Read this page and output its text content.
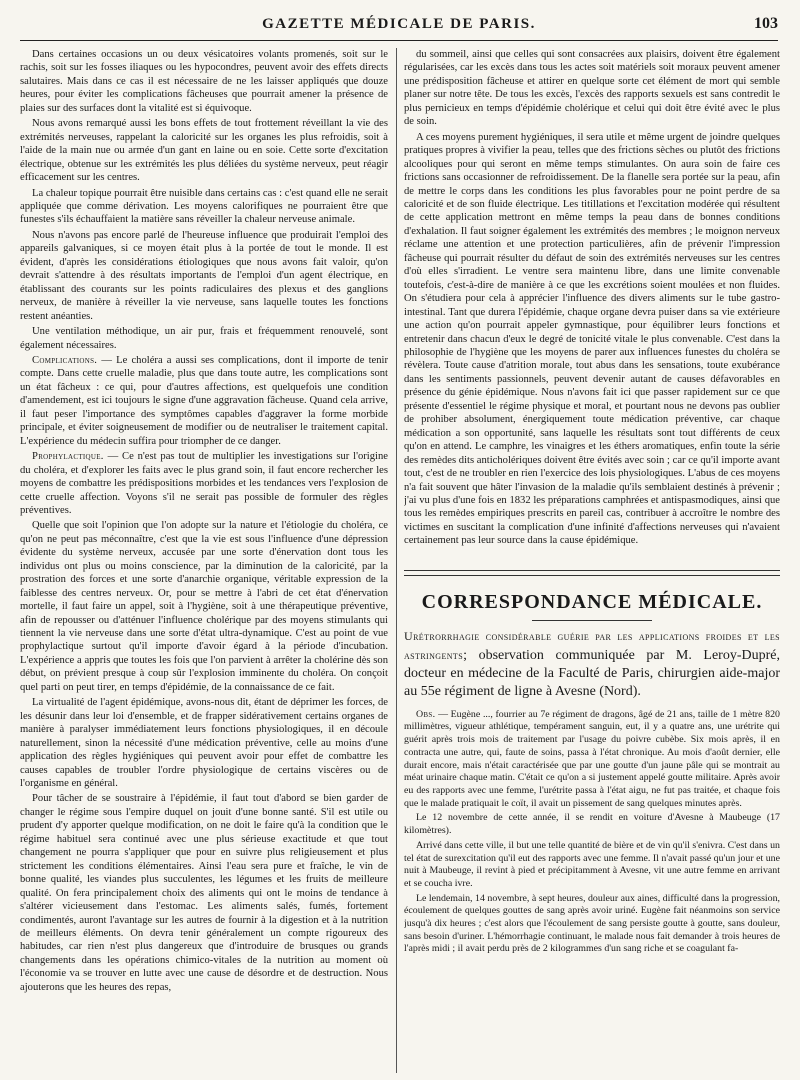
GAZETTE MÉDICALE DE PARIS.	103

Dans certaines occasions un ou deux vésicatoires volants promenés, soit sur le rachis, soit sur les fosses iliaques ou les hypocondres, peuvent avoir des effets directs salutaires. Mais dans ce cas il est nécessaire de ne les laisser appliqués que douze heures, pour éviter les complications fâcheuses que pourrait amener la présence de plaies sur des surfaces dont la vitalité est si équivoque.

Nous avons remarqué aussi les bons effets de tout frottement réveillant la vie des extrémités nerveuses, rappelant la caloricité sur les organes les plus refroidis, soit à l'aide de la main nue ou armée d'un gant en laine ou en soie. Cette sorte d'excitation électrique, obtenue sur les extrémités les plus déliées du système nerveux, peut réagir efficacement sur les centres.

La chaleur topique pourrait être nuisible dans certains cas : c'est quand elle ne serait appliquée que comme dérivation. Les moyens calorifiques ne pourraient être que funestes s'ils échauffaient la matière sans réveiller la chaleur nerveuse animale.

Nous n'avons pas encore parlé de l'heureuse influence que produirait l'emploi des appareils galvaniques, si ce moyen était plus à la portée de tout le monde. Il est évident, d'après les considérations étiologiques que nous avons fait valoir, qu'on devrait s'attendre à des résultats importants de l'emploi d'un agent électrique, en établissant des courants sur les points radiculaires des plexus et des ganglions nerveux, de manière à réveiller la vie nerveuse, sans laquelle toutes les fonctions restent anéanties.

Une ventilation méthodique, un air pur, frais et fréquemment renouvelé, sont également nécessaires.

Complications. — Le choléra a aussi ses complications, dont il importe de tenir compte. Dans cette cruelle maladie, plus que dans toute autre, les complications sont un état fâcheux : ce qui, pour d'autres affections, est quelquefois une condition d'amendement, est ici toujours le signe d'une aggravation fâcheuse. Quand cela arrive, il faut peser l'importance des symptômes capables d'aggraver la forme morbide principale, et éviter soigneusement de modifier ou de neutraliser le traitement capital. L'expérience du médecin suffira pour triompher de ce danger.

Prophylactique. — Ce n'est pas tout de multiplier les investigations sur l'origine du choléra, et d'explorer les faits avec le plus grand soin, il faut encore rechercher les moyens de combattre les prédispositions morbides et les tendances vers l'explosion de cette cruelle affection. Voyons s'il ne serait pas possible de formuler des règles préventives.

Quelle que soit l'opinion que l'on adopte sur la nature et l'étiologie du choléra, ce qu'on ne peut pas méconnaître, c'est que la vie est sous l'influence d'une dépression évidente du système nerveux, accusée par une sorte d'énervation dont tous les individus ont plus ou moins conscience, par la diminution de la caloricité, par la prostration des forces et une sorte d'anarchie organique, véritable expression de la faiblesse des centres nerveux. Or, pour se mettre à l'abri de cet état d'énervation mortelle, il faut faire un appel, soit à l'hygiène, soit à une thérapeutique préventive, afin de repousser ou d'atténuer l'influence cholérique par des moyens stimulants qui tiennent la vie nerveuse dans une sorte d'état ultra-dynamique. C'est au point de vue prophylactique surtout qu'il importe d'avoir égard à la période d'incubation. L'expérience a appris que toutes les fois que l'on parvient à arrêter la cholérine dès son début, on prévient presque à coup sûr l'explosion imminente du choléra. On conçoit quel parti on peut tirer, en temps d'épidémie, de la connaissance de ce fait.

La virtualité de l'agent épidémique, avons-nous dit, étant de déprimer les forces, de les désunir dans leur loi d'ensemble, et de frapper sidérativement certains organes de manière à paralyser immédiatement leurs fonctions physiologiques, il en découle naturellement, sinon la nécessité d'une médication préventive, celle au moins d'une application des règles hygiéniques qui peuvent avoir pour effet de combattre les causes capables de troubler l'ordre physiologique de certains viscères ou de l'organisme en général.

Pour tâcher de se soustraire à l'épidémie, il faut tout d'abord se bien garder de changer le régime sous l'empire duquel on jouit d'une bonne santé. S'il est utile ou prudent d'y apporter quelque modification, on ne doit le faire qu'à la condition que le régime habituel sera continué avec une plus sérieuse exactitude et que tout changement ne pourra s'appliquer que pour en suivre plus religieusement et plus strictement les conditions élémentaires. Ainsi l'eau sera pure et fraîche, le vin de bonne qualité, les viandes plus succulentes, les légumes et les fruits de meilleure qualité. On fera principalement choix des aliments qui ont le moins de tendance à s'altérer vicieusement dans l'estomac. Les aliments salés, fumés, fortement condimentés, auront l'avantage sur les autres de fournir à la digestion et à la nutrition de meilleurs éléments. On devra tenir généralement un compte rigoureux des habitudes, car rien n'est plus dangereux que d'introduire de brusques ou grands changements dans les opérations chimico-vitales de la nutrition au moment où l'économie va se trouver en lutte avec une cause de désordre et de destruction. Nous ajouterons que les heures des repas,

du sommeil, ainsi que celles qui sont consacrées aux plaisirs, doivent être également régularisées, car les excès dans tous les actes soit matériels soit moraux peuvent amener une prédisposition fâcheuse et attirer en quelque sorte cet élément de mort qui semble planer sur notre tête. De tous les excès, l'excès des rapports sexuels est sans contredit le plus pernicieux en temps d'épidémie cholérique et celui qui doit être évité avec le plus de soin.

A ces moyens purement hygiéniques, il sera utile et même urgent de joindre quelques pratiques propres à vivifier la peau, telles que des frictions sèches ou plutôt des frictions alcooliques pour qui seront en même temps stimulantes. On aura soin de faire ces frictions sans occasionner de refroidissement. De la flanelle sera portée sur la peau, afin de mettre le corps dans les conditions les plus favorables pour ne point perdre de sa caloricité et de son fluide électrique. Les titillations et l'excitation modérée qui résultent de cette application mettront en même temps la peau dans de bonnes conditions d'exhalation. Il faut soigner également les extrémités des membres ; le moignon nerveux réclame une attention et une protection particulières, afin de prévenir l'impression fâcheuse qui pourrait résulter du défaut de soin des extrémités nerveuses sur les centres d'où elles s'irradient. Le ventre sera maintenu libre, dans une limite convenable toutefois, c'est-à-dire de manière à ce que les excrétions soient moulées et non fluides. On s'étudiera pour cela à apprécier l'influence des divers aliments sur le tube gastro-intestinal. Tant que durera l'épidémie, chaque organe devra puiser dans sa vie extérieure une action qu'on pourrait appeler gymnastique, pour équilibrer leurs fonctions et entretenir dans chacun d'eux le degré de tonicité vitale le plus convenable. C'est dans la philosophie de l'hygiène que les moyens de parer aux influences funestes du choléra se révèlera. Toute cause d'atrition morale, tout abus dans les sensations, toute exubérance dans les sentiments passionnels, peuvent devenir autant de causes défavorables en présence du génie épidémique. Nous n'avons fait ici que passer rapidement sur ce que présente d'essentiel le régime physique et moral, et pourtant nous ne devons pas oublier de prohiber absolument, énergiquement toute médication préventive, car chaque médication a son opportunité, sans laquelle les résultats sont tout différents de ceux qu'on en attend. Le camphre, les vinaigres et les éthers aromatiques, enfin toute la série des remèdes dits anticholériques doivent être évités avec soin ; car ce qu'il importe avant tout, c'est de ne troubler en rien l'exercice des lois physiologiques. L'abus de ces moyens n'a fait souvent que hâter l'invasion de la maladie qu'ils semblaient destinés à prévenir ; j'ai vu plus d'une fois en 1832 les préparations camphrées et antispasmodiques, ainsi que tous les remèdes empiriques prescrits en pareil cas, contribuer à accroître le nombre des victimes en suscitant la complication d'une infinité d'affections nerveuses qui n'avaient certainement pas leur source dans la cause épidémique.

CORRESPONDANCE MÉDICALE.
Urétrorrhagie considérable guérie par les applications froides et les astringents; observation communiquée par M. Leroy-Dupré, docteur en médecine de la Faculté de Paris, chirurgien aide-major au 55e régiment de ligne à Avesne (Nord).

Obs. — Eugène ..., fourrier au 7e régiment de dragons, âgé de 21 ans, taille de 1 mètre 820 millimètres, vigueur athlétique, tempérament sanguin, eut, il y a quatre ans, une urétrite qui guérit après trois mois de traitement par l'usage du poivre cubèbe. Six mois après, il en contracta une autre, qui, faute de soins, passa à l'état chronique. Au mois d'août dernier, elle durait encore, mais n'était caractérisée que par une goutte d'un jaune pâle qui se montrait au méat urinaire chaque matin. C'était ce qu'on a si justement appelé goutte militaire. Après avoir eu des rapports avec une femme, l'urétrite passa à l'état aigu, ne fut pas traitée, et chaque fois que le malade pratiquait le coït, il avait un pissement de sang quelques minutes après.

Le 12 novembre de cette année, il se rendit en voiture d'Avesne à Maubeuge (17 kilomètres).

Arrivé dans cette ville, il but une telle quantité de bière et de vin qu'il s'enivra. C'est dans un tel état de surexcitation qu'il eut des rapports avec une femme. Il n'avait passé qu'un jour et une nuit à Maubeuge, il revint à pied et précipitamment à Avesne, vit une autre femme en arrivant et se coucha ivre.

Le lendemain, 14 novembre, à sept heures, douleur aux aines, difficulté dans la progression, écoulement de quelques gouttes de sang après avoir uriné. Eugène fait néanmoins son service jusqu'à dix heures ; c'est alors que l'écoulement de sang persiste goutte à goutte, sans douleur, sans besoin d'uriner. L'hémorrhagie continuant, le malade nous fait demander à trois heures de l'après midi ; il avait perdu près de 2 kilogrammes d'un sang riche et se coagulant fa-
